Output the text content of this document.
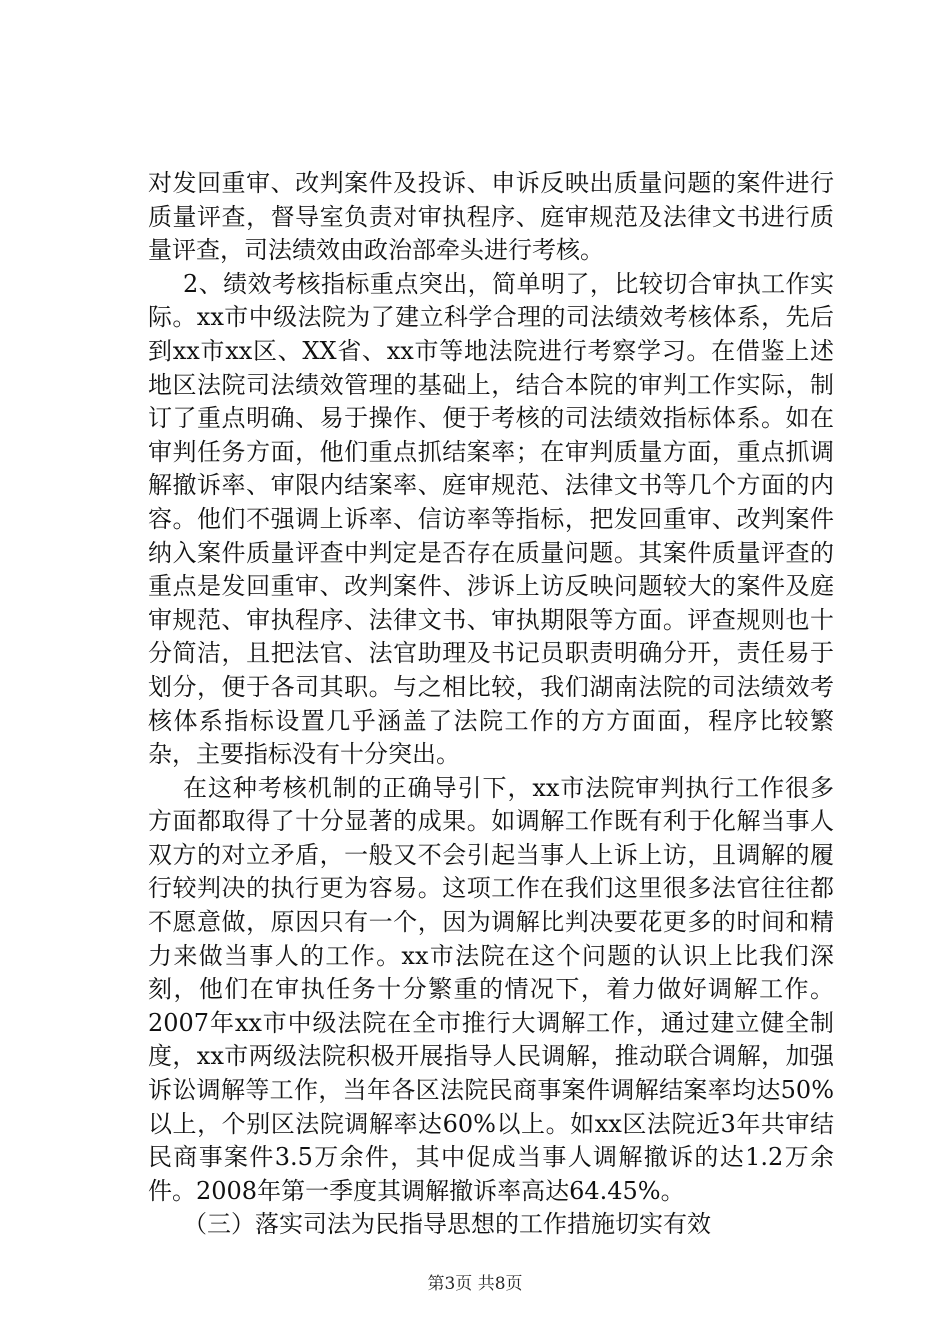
对发回重审、改判案件及投诉、申诉反映出质量问题的案件进行质量评查，督导室负责对审执程序、庭审规范及法律文书进行质量评查，司法绩效由政治部牵头进行考核。

2、绩效考核指标重点突出，简单明了，比较切合审执工作实际。xx市中级法院为了建立科学合理的司法绩效考核体系，先后到xx市xx区、XX省、xx市等地法院进行考察学习。在借鉴上述地区法院司法绩效管理的基础上，结合本院的审判工作实际，制订了重点明确、易于操作、便于考核的司法绩效指标体系。如在审判任务方面，他们重点抓结案率；在审判质量方面，重点抓调解撤诉率、审限内结案率、庭审规范、法律文书等几个方面的内容。他们不强调上诉率、信访率等指标，把发回重审、改判案件纳入案件质量评查中判定是否存在质量问题。其案件质量评查的重点是发回重审、改判案件、涉诉上访反映问题较大的案件及庭审规范、审执程序、法律文书、审执期限等方面。评查规则也十分简洁，且把法官、法官助理及书记员职责明确分开，责任易于划分，便于各司其职。与之相比较，我们湖南法院的司法绩效考核体系指标设置几乎涵盖了法院工作的方方面面，程序比较繁杂，主要指标没有十分突出。

在这种考核机制的正确导引下，xx市法院审判执行工作很多方面都取得了十分显著的成果。如调解工作既有利于化解当事人双方的对立矛盾，一般又不会引起当事人上诉上访，且调解的履行较判决的执行更为容易。这项工作在我们这里很多法官往往都不愿意做，原因只有一个，因为调解比判决要花更多的时间和精力来做当事人的工作。xx市法院在这个问题的认识上比我们深刻，他们在审执任务十分繁重的情况下，着力做好调解工作。2007年xx市中级法院在全市推行大调解工作，通过建立健全制度，xx市两级法院积极开展指导人民调解，推动联合调解，加强诉讼调解等工作，当年各区法院民商事案件调解结案率均达50%以上，个别区法院调解率达60%以上。如xx区法院近3年共审结民商事案件3.5万余件，其中促成当事人调解撤诉的达1.2万余件。2008年第一季度其调解撤诉率高达64.45%。

（三）落实司法为民指导思想的工作措施切实有效

第3页 共8页
